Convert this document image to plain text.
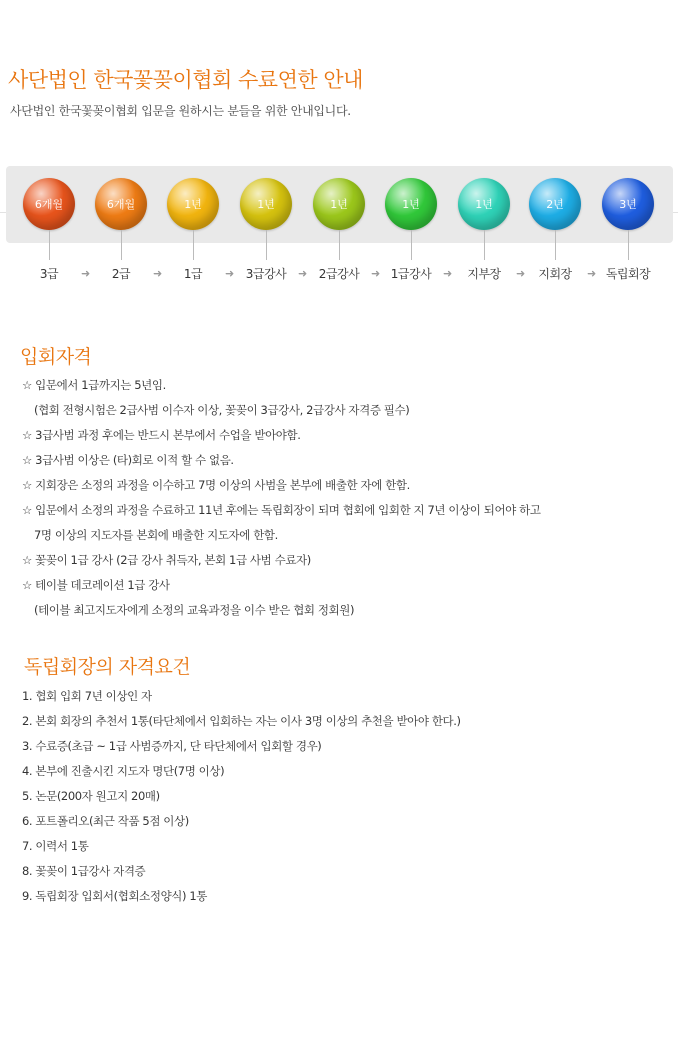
사단법인 한국꽃꽂이협회 수료연한 안내
사단법인 한국꽃꽂이협회 입문을 원하시는 분들을 위한 안내입니다.
6개월
3급	➜
6개월
2급	➜
1년
1급	➜
1년
3급강사	➜
1년
2급강사	➜
1년
1급강사	➜
1년
지부장	➜
2년
지회장	➜
3년
독립회장
입회자격
☆ 입문에서 1급까지는 5년임.
(협회 전형시험은 2급사범 이수자 이상, 꽃꽂이 3급강사, 2급강사 자격증 필수)
☆ 3급사범 과정 후에는 반드시 본부에서 수업을 받아야함.
☆ 3급사범 이상은 (타)회로 이적 할 수 없음.
☆ 지회장은 소정의 과정을 이수하고 7명 이상의 사범을 본부에 배출한 자에 한함.
☆ 입문에서 소정의 과정을 수료하고 11년 후에는 독립회장이 되며 협회에 입회한 지 7년 이상이 되어야 하고
7명 이상의 지도자를 본회에 배출한 지도자에 한함.
☆ 꽃꽂이 1급 강사 (2급 강사 취득자, 본회 1급 사범 수료자)
☆ 테이블 데코레이션 1급 강사
(테이블 최고지도자에게 소정의 교육과정을 이수 받은 협회 정회원)
독립회장의 자격요건
1. 협회 입회 7년 이상인 자
2. 본회 회장의 추천서 1통(타단체에서 입회하는 자는 이사 3명 이상의 추천을 받아야 한다.)
3. 수료증(초급 ~ 1급 사범증까지, 단 타단체에서 입회할 경우)
4. 본부에 진출시킨 지도자 명단(7명 이상)
5. 논문(200자 원고지 20매)
6. 포트폴리오(최근 작품 5점 이상)
7. 이력서 1통
8. 꽃꽂이 1급강사 자격증
9. 독립회장 입회서(협회소정양식) 1통
